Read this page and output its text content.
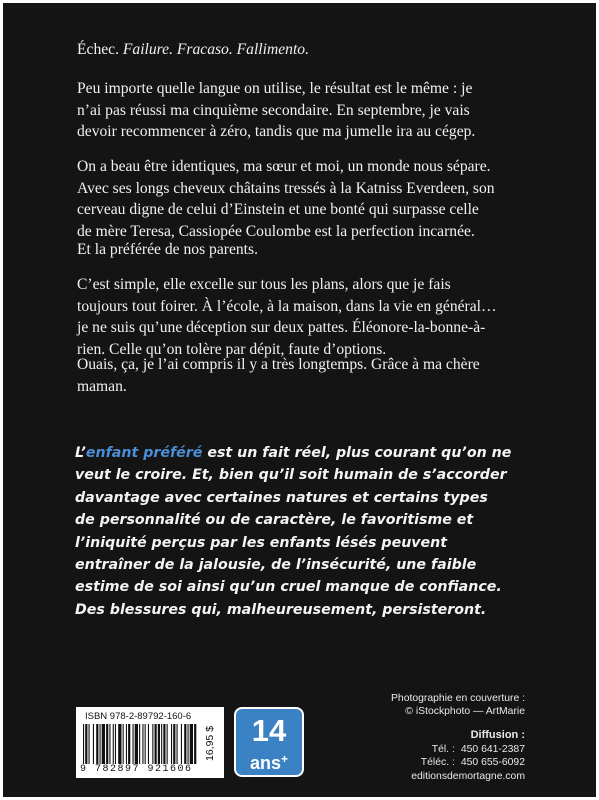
Échec. Failure. Fracaso. Fallimento.

Peu importe quelle langue on utilise, le résultat est le même : je
n’ai pas réussi ma cinquième secondaire. En septembre, je vais
devoir recommencer à zéro, tandis que ma jumelle ira au cégep.

On a beau être identiques, ma sœur et moi, un monde nous sépare.
Avec ses longs cheveux châtains tressés à la Katniss Everdeen, son
cerveau digne de celui d’Einstein et une bonté qui surpasse celle
de mère Teresa, Cassiopée Coulombe est la perfection incarnée.

Et la préférée de nos parents.

C’est simple, elle excelle sur tous les plans, alors que je fais
toujours tout foirer. À l’école, à la maison, dans la vie en général…
je ne suis qu’une déception sur deux pattes. Éléonore-la-bonne-à-
rien. Celle qu’on tolère par dépit, faute d’options.

Ouais, ça, je l’ai compris il y a très longtemps. Grâce à ma chère
maman.

L’enfant préféré est un fait réel, plus courant qu’on ne
veut le croire. Et, bien qu’il soit humain de s’accorder
davantage avec certaines natures et certains types
de personnalité ou de caractère, le favoritisme et
l’iniquité perçus par les enfants lésés peuvent
entraîner de la jalousie, de l’insécurité, une faible
estime de soi ainsi qu’un cruel manque de confiance.
Des blessures qui, malheureusement, persisteront.

Photographie en couverture :
© iStockphoto — ArtMarie
Diffusion :
Tél. : 450 641-2387
Téléc. : 450 655-6092
editionsdemortagne.com
ISBN 978-2-89792-160-6
9 782897 921606
16,95 $	14
ans+
